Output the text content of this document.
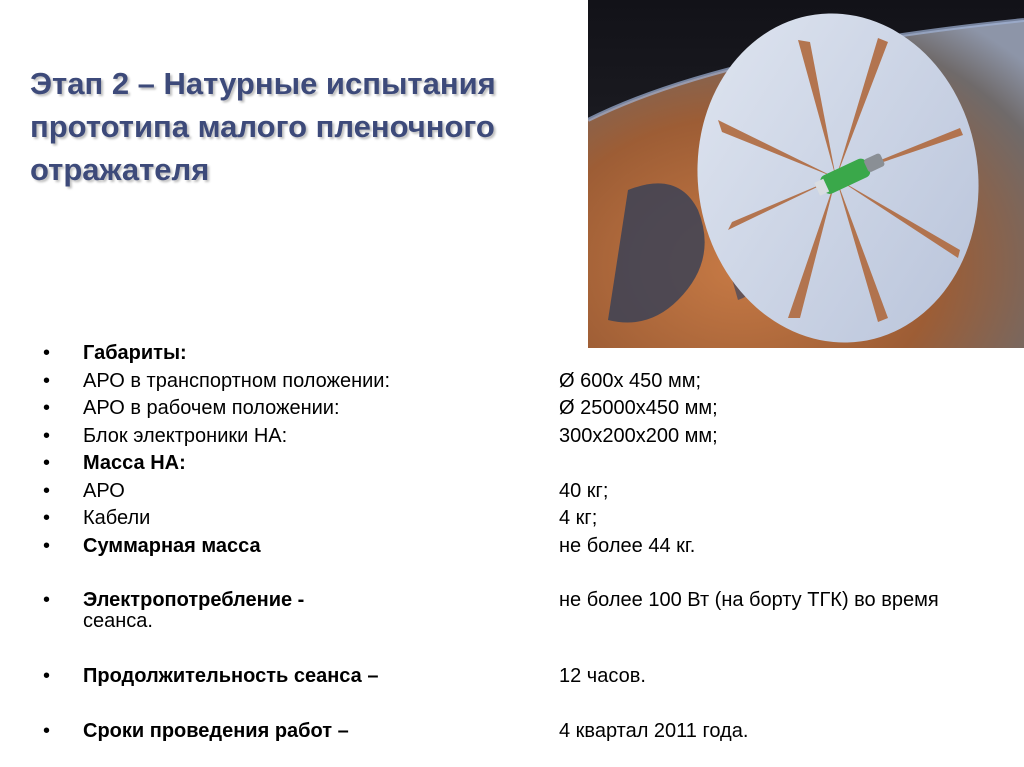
Этап 2 – Натурные испытания
прототипа малого пленочного
отражателя
• Габариты:
• АРО в транспортном положении:	Ø 600х 450 мм;
• АРО в рабочем положении:	Ø 25000х450 мм;
• Блок электроники НА:	300х200х200 мм;
• Масса НА:
• АРО	40 кг;
• Кабели	4 кг;
• Суммарная масса	не более 44 кг.
• Электропотребление -	не более 100 Вт (на борту ТГК) во время
сеанса.
• Продолжительность сеанса –	12 часов.
• Сроки проведения работ –	4 квартал 2011 года.
